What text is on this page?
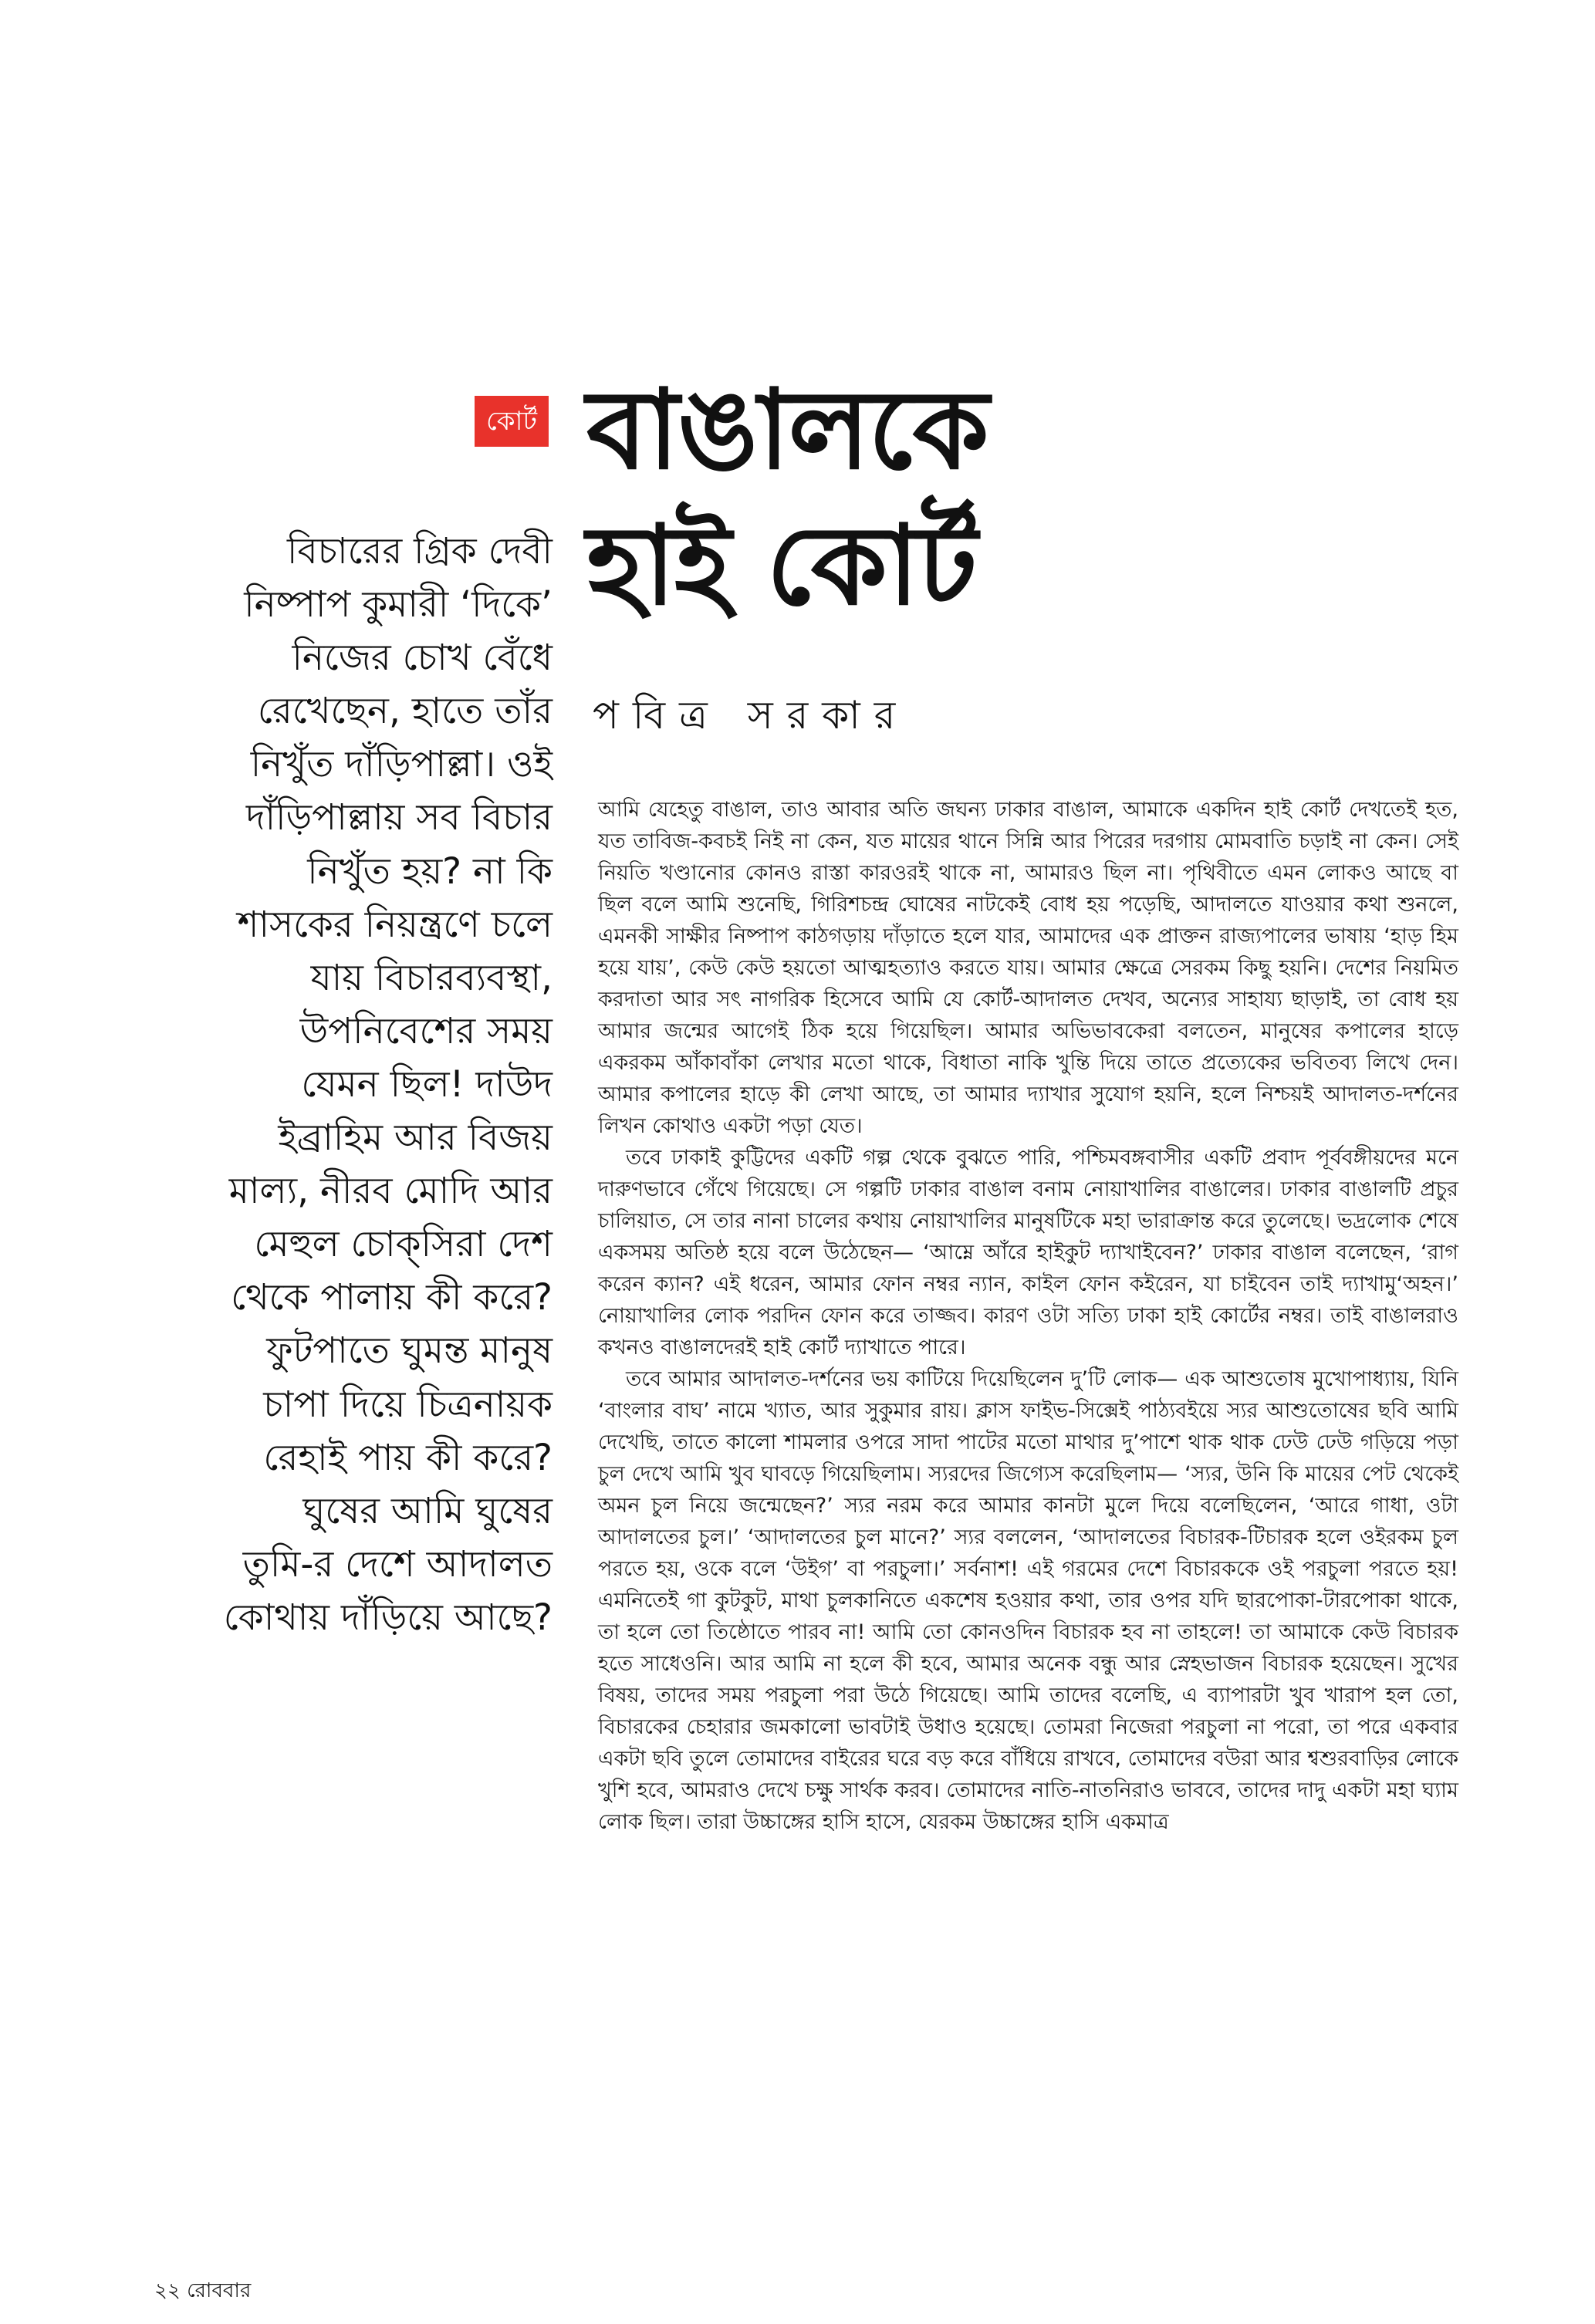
কোর্ট বাঙালকে
হাই কোর্ট

পবিত্র সরকার

বিচারের গ্রিক দেবী
নিষ্পাপ কুমারী ‘দিকে’
নিজের চোখ বেঁধে
রেখেছেন, হাতে তাঁর
নিখুঁত দাঁড়িপাল্লা। ওই
দাঁড়িপাল্লায় সব বিচার
নিখুঁত হয়? না কি
শাসকের নিয়ন্ত্রণে চলে
যায় বিচারব্যবস্থা,
উপনিবেশের সময়
যেমন ছিল! দাউদ
ইব্রাহিম আর বিজয়
মাল্য, নীরব মোদি আর
মেহুল চোক্‌সিরা দেশ
থেকে পালায় কী করে?
ফুটপাতে ঘুমন্ত মানুষ
চাপা দিয়ে চিত্রনায়ক
রেহাই পায় কী করে?
ঘুষের আমি ঘুষের
তুমি-র দেশে আদালত
কোথায় দাঁড়িয়ে আছে?

আমি যেহেতু বাঙাল, তাও আবার অতি জঘন্য ঢাকার বাঙাল, আমাকে একদিন হাই কোর্ট দেখতেই হত, যত তাবিজ-কবচই নিই না কেন, যত মায়ের থানে সিন্নি আর পিরের দরগায় মোমবাতি চড়াই না কেন। সেই নিয়তি খণ্ডানোর কোনও রাস্তা কারওরই থাকে না, আমারও ছিল না। পৃথিবীতে এমন লোকও আছে বা ছিল বলে আমি শুনেছি, গিরিশচন্দ্র ঘোষের নাটকেই বোধ হয় পড়েছি, আদালতে যাওয়ার কথা শুনলে, এমনকী সাক্ষীর নিষ্পাপ কাঠগড়ায় দাঁড়াতে হলে যার, আমাদের এক প্রাক্তন রাজ্যপালের ভাষায় ‘হাড় হিম হয়ে যায়’, কেউ কেউ হয়তো আত্মহত্যাও করতে যায়। আমার ক্ষেত্রে সেরকম কিছু হয়নি। দেশের নিয়মিত করদাতা আর সৎ নাগরিক হিসেবে আমি যে কোর্ট-আদালত দেখব, অন্যের সাহায্য ছাড়াই, তা বোধ হয় আমার জন্মের আগেই ঠিক হয়ে গিয়েছিল। আমার অভিভাবকেরা বলতেন, মানুষের কপালের হাড়ে একরকম আঁকাবাঁকা লেখার মতো থাকে, বিধাতা নাকি খুন্তি দিয়ে তাতে প্রত্যেকের ভবিতব্য লিখে দেন। আমার কপালের হাড়ে কী লেখা আছে, তা আমার দ্যাখার সুযোগ হয়নি, হলে নিশ্চয়ই আদালত-দর্শনের লিখন কোথাও একটা পড়া যেত।

তবে ঢাকাই কুট্টিদের একটি গল্প থেকে বুঝতে পারি, পশ্চিমবঙ্গবাসীর একটি প্রবাদ পূর্ববঙ্গীয়দের মনে দারুণভাবে গেঁথে গিয়েছে। সে গল্পটি ঢাকার বাঙাল বনাম নোয়াখালির বাঙালের। ঢাকার বাঙালটি প্রচুর চালিয়াত, সে তার নানা চালের কথায় নোয়াখালির মানুষটিকে মহা ভারাক্রান্ত করে তুলেছে। ভদ্রলোক শেষে একসময় অতিষ্ঠ হয়ে বলে উঠেছেন— ‘আম্নে আঁরে হাইকুট দ্যাখাইবেন?’ ঢাকার বাঙাল বলেছেন, ‘রাগ করেন ক্যান? এই ধরেন, আমার ফোন নম্বর ন্যান, কাইল ফোন কইরেন, যা চাইবেন তাই দ্যাখামু‘অহন।’ নোয়াখালির লোক পরদিন ফোন করে তাজ্জব। কারণ ওটা সত্যি ঢাকা হাই কোর্টের নম্বর। তাই বাঙালরাও কখনও বাঙালদেরই হাই কোর্ট দ্যাখাতে পারে।

তবে আমার আদালত-দর্শনের ভয় কাটিয়ে দিয়েছিলেন দু’টি লোক— এক আশুতোষ মুখোপাধ্যায়, যিনি ‘বাংলার বাঘ’ নামে খ্যাত, আর সুকুমার রায়। ক্লাস ফাইভ-সিক্সেই পাঠ্যবইয়ে স্যর আশুতোষের ছবি আমি দেখেছি, তাতে কালো শামলার ওপরে সাদা পাটের মতো মাথার দু’পাশে থাক থাক ঢেউ ঢেউ গড়িয়ে পড়া চুল দেখে আমি খুব ঘাবড়ে গিয়েছিলাম। স্যরদের জিগ্যেস করেছিলাম— ‘স্যর, উনি কি মায়ের পেট থেকেই অমন চুল নিয়ে জন্মেছেন?’ স্যর নরম করে আমার কানটা মুলে দিয়ে বলেছিলেন, ‘আরে গাধা, ওটা আদালতের চুল।’ ‘আদালতের চুল মানে?’ স্যর বললেন, ‘আদালতের বিচারক-টিচারক হলে ওইরকম চুল পরতে হয়, ওকে বলে ‘উইগ’ বা পরচুলা।’ সর্বনাশ! এই গরমের দেশে বিচারককে ওই পরচুলা পরতে হয়! এমনিতেই গা কুটকুট, মাথা চুলকানিতে একশেষ হওয়ার কথা, তার ওপর যদি ছারপোকা-টারপোকা থাকে, তা হলে তো তিষ্ঠোতে পারব না! আমি তো কোনওদিন বিচারক হব না তাহলে! তা আমাকে কেউ বিচারক হতে সাধেওনি। আর আমি না হলে কী হবে, আমার অনেক বন্ধু আর স্নেহভাজন বিচারক হয়েছেন। সুখের বিষয়, তাদের সময় পরচুলা পরা উঠে গিয়েছে। আমি তাদের বলেছি, এ ব্যাপারটা খুব খারাপ হল তো, বিচারকের চেহারার জমকালো ভাবটাই উধাও হয়েছে। তোমরা নিজেরা পরচুলা না পরো, তা পরে একবার একটা ছবি তুলে তোমাদের বাইরের ঘরে বড় করে বাঁধিয়ে রাখবে, তোমাদের বউরা আর শ্বশুরবাড়ির লোকে খুশি হবে, আমরাও দেখে চক্ষু সার্থক করব। তোমাদের নাতি-নাতনিরাও ভাববে, তাদের দাদু একটা মহা ঘ্যাম লোক ছিল। তারা উচ্চাঙ্গের হাসি হাসে, যেরকম উচ্চাঙ্গের হাসি একমাত্র

২২ রোববার
